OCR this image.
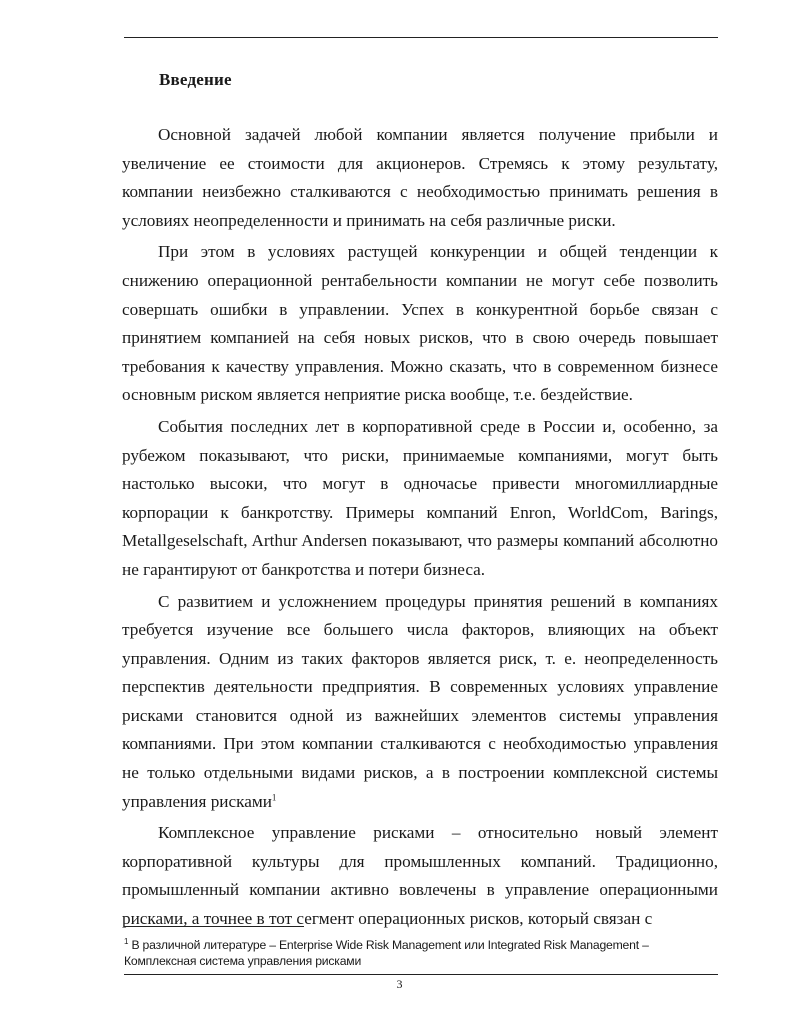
Введение

Основной задачей любой компании является получение прибыли и увеличение ее стоимости для акционеров. Стремясь к этому результату, компании неизбежно сталкиваются с необходимостью принимать решения в условиях неопределенности и принимать на себя различные риски.

При этом в условиях растущей конкуренции и общей тенденции к снижению операционной рентабельности компании не могут себе позволить совершать ошибки в управлении. Успех в конкурентной борьбе связан с принятием компанией на себя новых рисков, что в свою очередь повышает требования к качеству управления. Можно сказать, что в современном бизнесе основным риском является неприятие риска вообще, т.е. бездействие.

События последних лет в корпоративной среде в России и, особенно, за рубежом показывают, что риски, принимаемые компаниями, могут быть настолько высоки, что могут в одночасье привести многомиллиардные корпорации к банкротству. Примеры компаний Enron, WorldCom, Barings, Metallgeselschaft, Arthur Andersen показывают, что размеры компаний абсолютно не гарантируют от банкротства и потери бизнеса.

С развитием и усложнением процедуры принятия решений в компаниях требуется изучение все большего числа факторов, влияющих на объект управления. Одним из таких факторов является риск, т. е. неопределенность перспектив деятельности предприятия. В современных условиях управление рисками становится одной из важнейших элементов системы управления компаниями. При этом компании сталкиваются с необходимостью управления не только отдельными видами рисков, а в построении комплексной системы управления рисками$^1$

Комплексное управление рисками – относительно новый элемент корпоративной культуры для промышленных компаний. Традиционно, промышленный компании активно вовлечены в управление операционными рисками, а точнее в тот сегмент операционных рисков, который связан с

$^1$ В различной литературе – Enterprise Wide Risk Management или Integrated Risk Management – Комплексная система управления рисками
3
